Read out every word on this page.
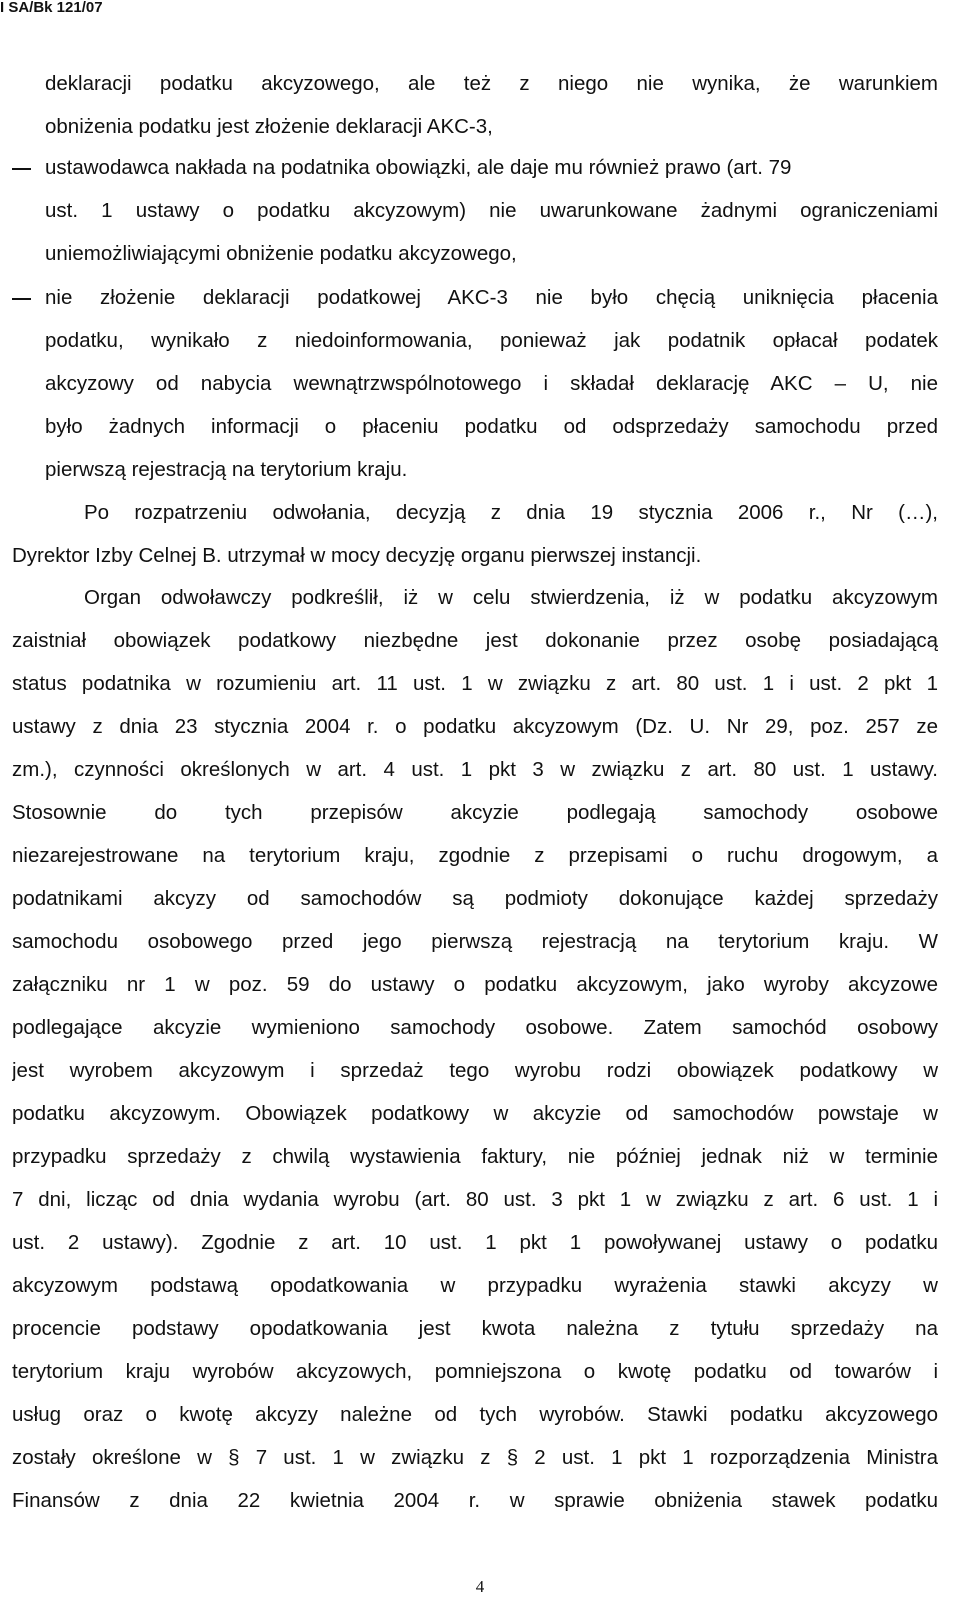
I SA/Bk 121/07
deklaracji podatku akcyzowego, ale też z niego nie wynika, że warunkiem
obniżenia podatku jest złożenie deklaracji AKC-3,
ustawodawca nakłada na podatnika obowiązki, ale daje mu również prawo (art. 79
ust. 1 ustawy o podatku akcyzowym) nie uwarunkowane żadnymi ograniczeniami
uniemożliwiającymi obniżenie podatku akcyzowego,
nie złożenie deklaracji podatkowej AKC-3 nie było chęcią uniknięcia płacenia
podatku, wynikało z niedoinformowania, ponieważ jak podatnik opłacał podatek
akcyzowy od nabycia wewnątrzwspólnotowego i składał deklarację AKC – U, nie
było żadnych informacji o płaceniu podatku od odsprzedaży samochodu przed
pierwszą rejestracją na terytorium kraju.
Po rozpatrzeniu odwołania, decyzją z dnia 19 stycznia 2006 r., Nr (…),
Dyrektor Izby Celnej B. utrzymał w mocy decyzję organu pierwszej instancji.
Organ odwoławczy podkreślił, iż w celu stwierdzenia, iż w podatku akcyzowym
zaistniał obowiązek podatkowy niezbędne jest dokonanie przez osobę posiadającą
status podatnika w rozumieniu art. 11 ust. 1 w związku z art. 80 ust. 1 i ust. 2 pkt 1
ustawy z dnia 23 stycznia 2004 r. o podatku akcyzowym (Dz. U. Nr 29, poz. 257 ze
zm.), czynności określonych w art. 4 ust. 1 pkt 3 w związku z art. 80 ust. 1 ustawy.
Stosownie do tych przepisów akcyzie podlegają samochody osobowe
niezarejestrowane na terytorium kraju, zgodnie z przepisami o ruchu drogowym, a
podatnikami akcyzy od samochodów są podmioty dokonujące każdej sprzedaży
samochodu osobowego przed jego pierwszą rejestracją na terytorium kraju. W
załączniku nr 1 w poz. 59 do ustawy o podatku akcyzowym, jako wyroby akcyzowe
podlegające akcyzie wymieniono samochody osobowe. Zatem samochód osobowy
jest wyrobem akcyzowym i sprzedaż tego wyrobu rodzi obowiązek podatkowy w
podatku akcyzowym. Obowiązek podatkowy w akcyzie od samochodów powstaje w
przypadku sprzedaży z chwilą wystawienia faktury, nie później jednak niż w terminie
7 dni, licząc od dnia wydania wyrobu (art. 80 ust. 3 pkt 1 w związku z art. 6 ust. 1 i
ust. 2 ustawy). Zgodnie z art. 10 ust. 1 pkt 1 powoływanej ustawy o podatku
akcyzowym podstawą opodatkowania w przypadku wyrażenia stawki akcyzy w
procencie podstawy opodatkowania jest kwota należna z tytułu sprzedaży na
terytorium kraju wyrobów akcyzowych, pomniejszona o kwotę podatku od towarów i
usług oraz o kwotę akcyzy należne od tych wyrobów. Stawki podatku akcyzowego
zostały określone w § 7 ust. 1 w związku z § 2 ust. 1 pkt 1 rozporządzenia Ministra
Finansów z dnia 22 kwietnia 2004 r. w sprawie obniżenia stawek podatku
4
